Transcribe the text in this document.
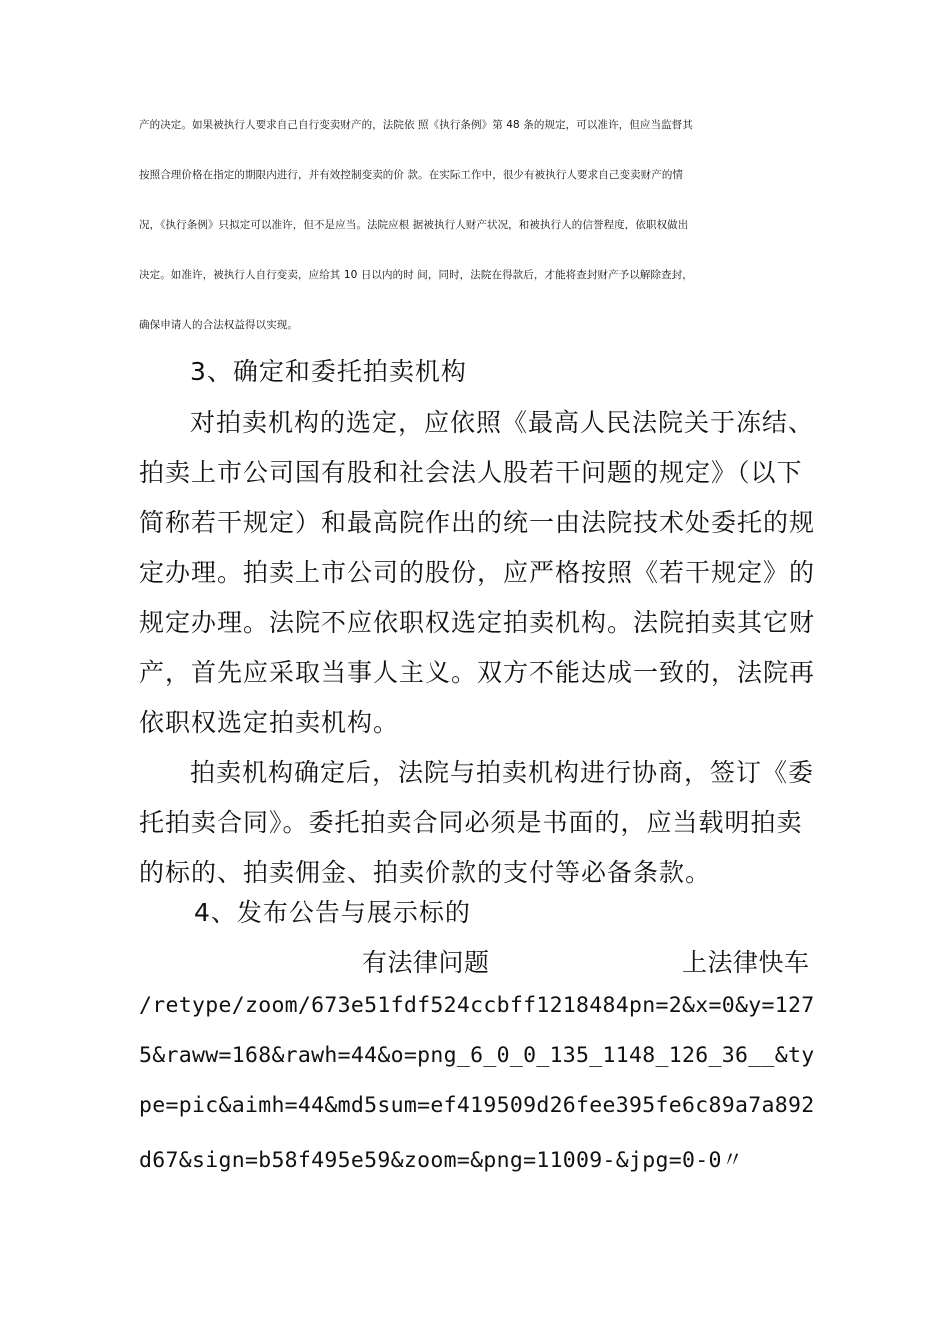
产的决定。如果被执行人要求自己自行变卖财产的，法院依 照《执行条例》第 48 条的规定，可以准许，但应当监督其

按照合理价格在指定的期限内进行，并有效控制变卖的价 款。在实际工作中，很少有被执行人要求自己变卖财产的情

况，《执行条例》只拟定可以准许，但不是应当。法院应根 据被执行人财产状况，和被执行人的信誉程度，依职权做出

决定。如准许，被执行人自行变卖，应给其 10 日以内的时 间，同时，法院在得款后，才能将查封财产予以解除查封，

确保申请人的合法权益得以实现。

3、确定和委托拍卖机构

对拍卖机构的选定，应依照《最高人民法院关于冻结、

拍卖上市公司国有股和社会法人股若干问题的规定》（以下

简称若干规定）和最高院作出的统一由法院技术处委托的规

定办理。拍卖上市公司的股份，应严格按照《若干规定》的

规定办理。法院不应依职权选定拍卖机构。法院拍卖其它财

产，首先应采取当事人主义。双方不能达成一致的，法院再

依职权选定拍卖机构。

拍卖机构确定后，法院与拍卖机构进行协商，签订《委

托拍卖合同》。委托拍卖合同必须是书面的，应当载明拍卖

的标的、拍卖佣金、拍卖价款的支付等必备条款。

4、发布公告与展示标的
有法律问题	上法律快车

/retype/zoom/673e51fdf524ccbff1218484pn=2&x=0&y=127

5&raww=168&rawh=44&o=png_6_0_0_135_1148_126_36__&ty

pe=pic&aimh=44&md5sum=ef419509d26fee395fe6c89a7a892

d67&sign=b58f495e59&zoom=&png=11009-&jpg=0-0〃
